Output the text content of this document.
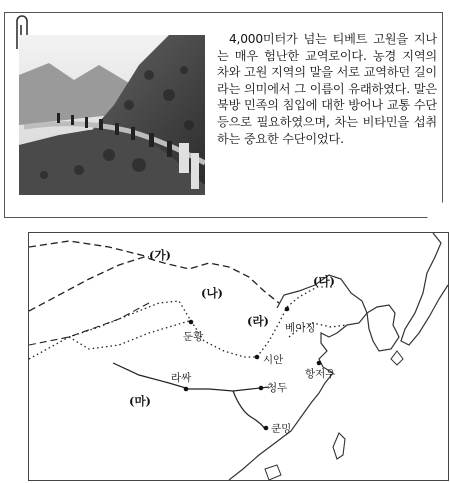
4,000미터가 넘는 티베트 고원을 지나는 매우 험난한 교역로이다. 농경 지역의 차와 고원 지역의 말을 서로 교역하던 길이라는 의미에서 그 이름이 유래하였다. 말은 북방 민족의 침입에 대한 방어나 교통 수단 등으로 필요하였으며, 차는 비타민을 섭취하는 중요한 수단이었다.

둔황
시안
베이징
라싸
청두
항저우
쿤밍
(가)
(나)
(다)
(라)
(마)
